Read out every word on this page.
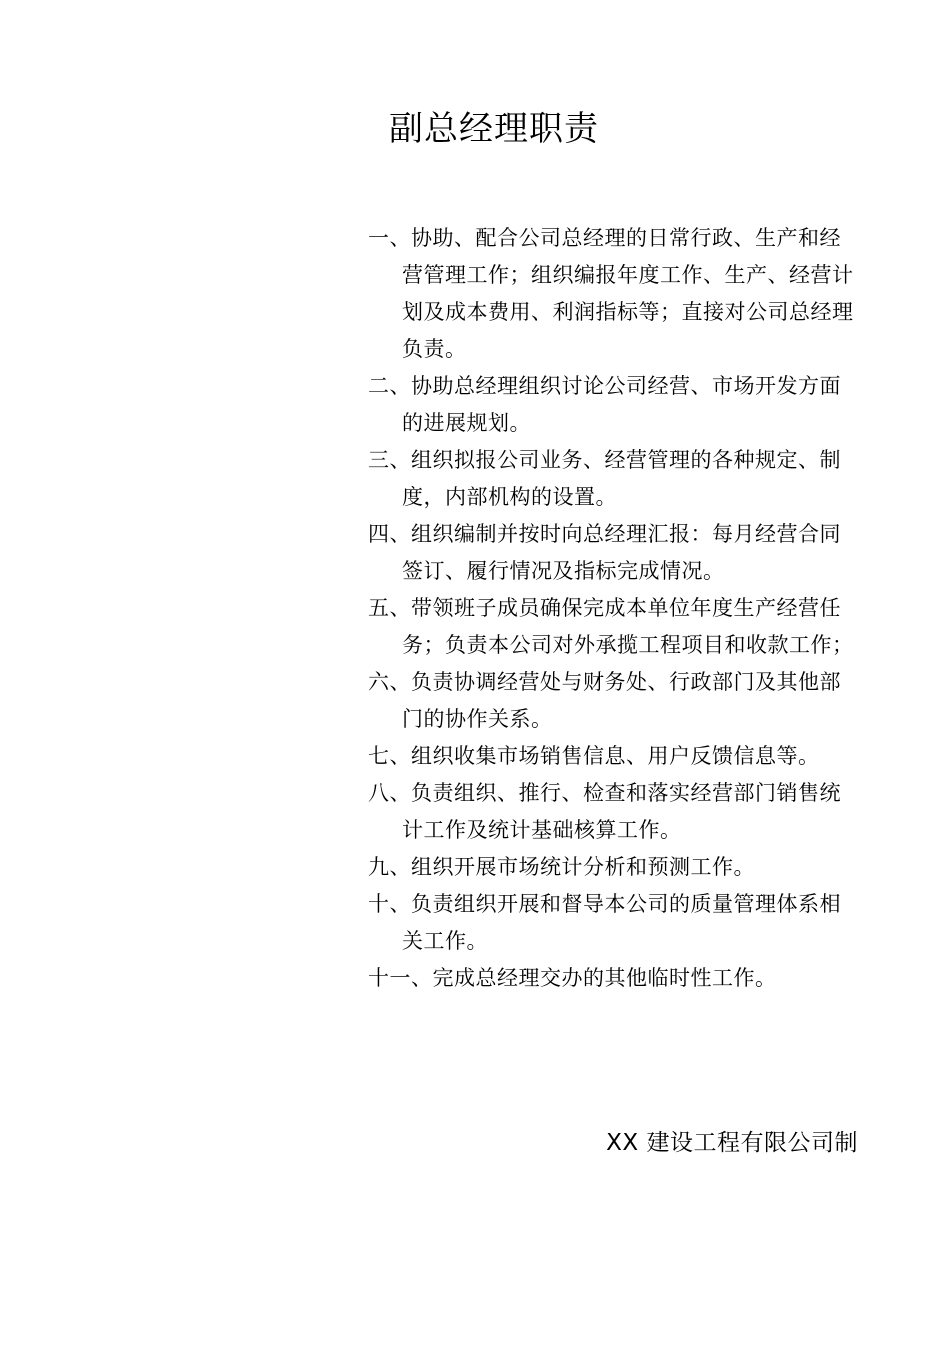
副总经理职责
一、协助、配合公司总经理的日常行政、生产和经营管理工作；组织编报年度工作、生产、经营计划及成本费用、利润指标等；直接对公司总经理负责。
二、协助总经理组织讨论公司经营、市场开发方面的进展规划。
三、组织拟报公司业务、经营管理的各种规定、制度，内部机构的设置。
四、组织编制并按时向总经理汇报：每月经营合同签订、履行情况及指标完成情况。
五、带领班子成员确保完成本单位年度生产经营任务；负责本公司对外承揽工程项目和收款工作；
六、负责协调经营处与财务处、行政部门及其他部门的协作关系。
七、组织收集市场销售信息、用户反馈信息等。
八、负责组织、推行、检查和落实经营部门销售统计工作及统计基础核算工作。
九、组织开展市场统计分析和预测工作。
十、负责组织开展和督导本公司的质量管理体系相关工作。
十一、完成总经理交办的其他临时性工作。
XX 建设工程有限公司制
